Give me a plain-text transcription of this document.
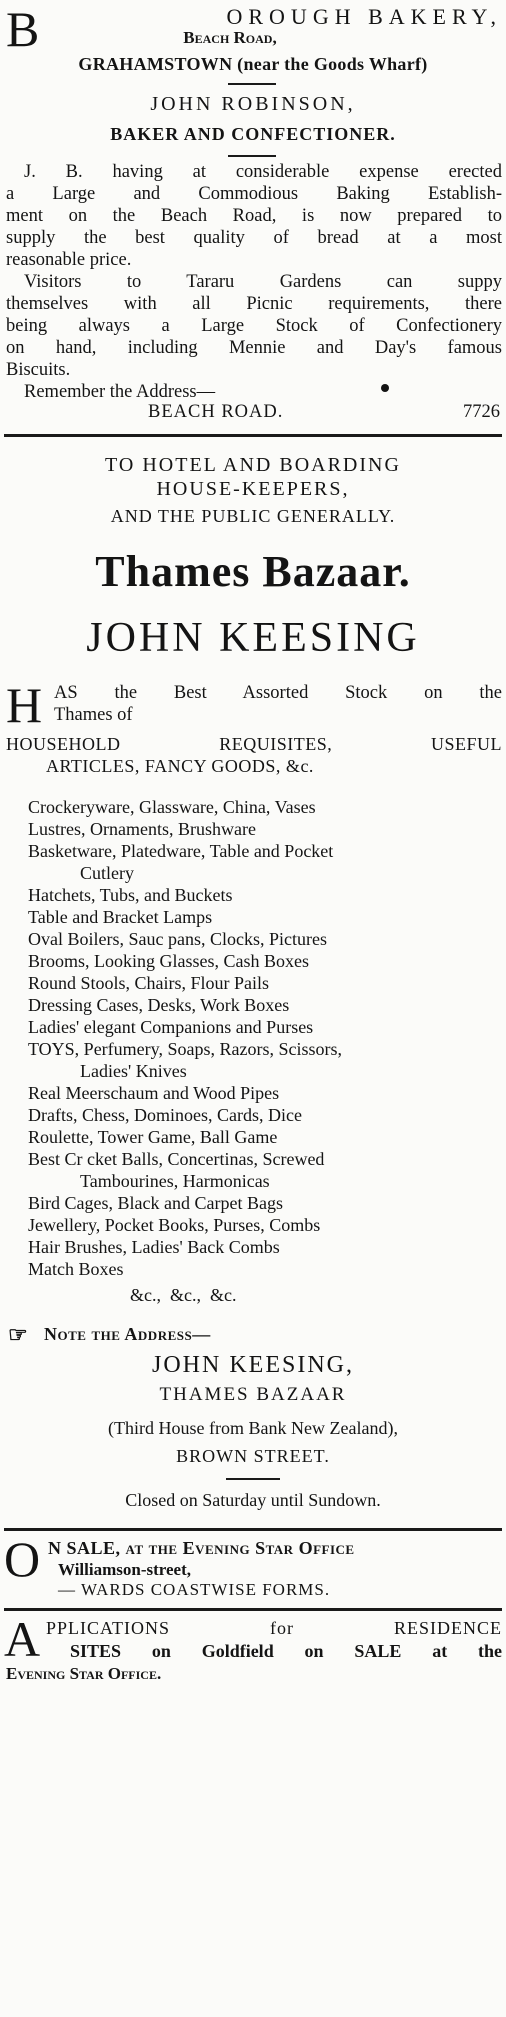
B	OROUGH BAKERY,
Beach Road,
GRAHAMSTOWN (near the Goods Wharf)
JOHN ROBINSON,
BAKER AND CONFECTIONER.
J. B. having at considerable expense erected
a Large and Commodious Baking Establish-
ment on the Beach Road, is now prepared to
supply the best quality of bread at a most
reasonable price.
Visitors to Tararu Gardens can suppy
themselves with all Picnic requirements, there
being always a Large Stock of Confectionery
on hand, including Mennie and Day's famous
Biscuits.
Remember the Address—
BEACH ROAD.	7726
TO HOTEL AND BOARDING
HOUSE-KEEPERS,
AND THE PUBLIC GENERALLY.
Thames Bazaar.
JOHN KEESING
H AS the Best Assorted Stock on the
Thames of
HOUSEHOLD REQUISITES, USEFUL
ARTICLES, FANCY GOODS, &c.
Crockeryware, Glassware, China, Vases
Lustres, Ornaments, Brushware
Basketware, Platedware, Table and Pocket
Cutlery
Hatchets, Tubs, and Buckets
Table and Bracket Lamps
Oval Boilers, Sauc pans, Clocks, Pictures
Brooms, Looking Glasses, Cash Boxes
Round Stools, Chairs, Flour Pails
Dressing Cases, Desks, Work Boxes
Ladies' elegant Companions and Purses
TOYS, Perfumery, Soaps, Razors, Scissors,
Ladies' Knives
Real Meerschaum and Wood Pipes
Drafts, Chess, Dominoes, Cards, Dice
Roulette, Tower Game, Ball Game
Best Cr cket Balls, Concertinas, Screwed
Tambourines, Harmonicas
Bird Cages, Black and Carpet Bags
Jewellery, Pocket Books, Purses, Combs
Hair Brushes, Ladies' Back Combs
Match Boxes
&c.,  &c.,  &c.
☞ Note the Address—
JOHN KEESING,
THAMES BAZAAR
(Third House from Bank New Zealand),
BROWN STREET.
Closed on Saturday until Sundown.
O N SALE, at the Evening Star Office
Williamson-street,
— WARDS COASTWISE FORMS.
A PPLICATIONS for RESIDENCE
SITES on Goldfield on SALE at the
Evening Star Office.
